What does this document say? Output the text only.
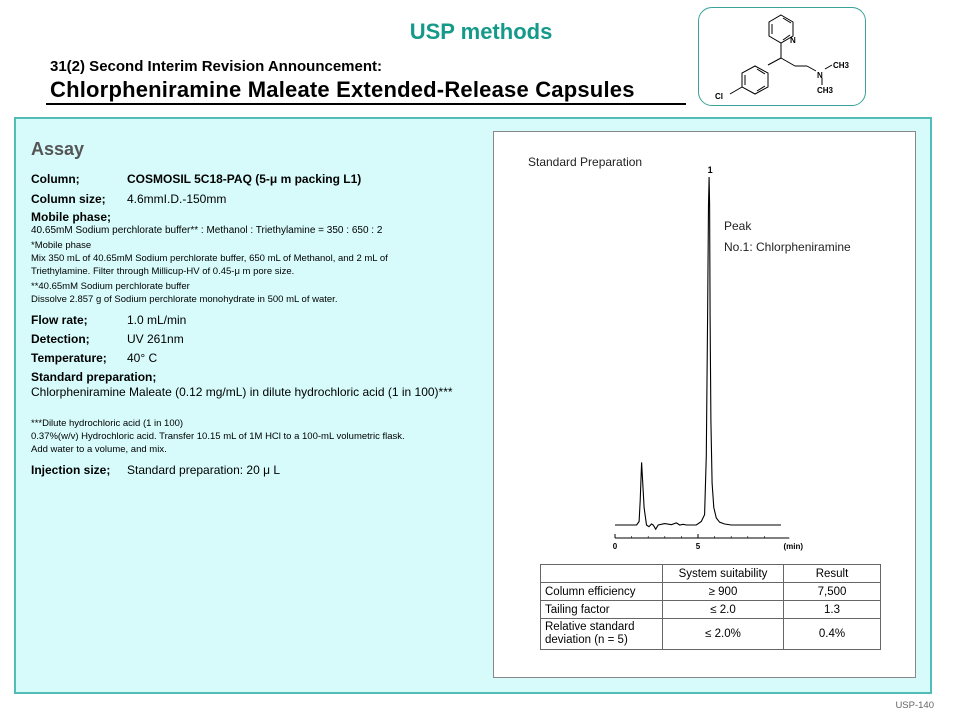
USP methods
31(2) Second Interim Revision Announcement:
Chlorpheniramine Maleate Extended-Release Capsules
N
N
CH3
CH3
Cl
Assay
Column;	COSMOSIL 5C18-PAQ (5-μ m packing L1)
Column size; 4.6mmI.D.-150mm
Mobile phase;
40.65mM Sodium perchlorate buffer** : Methanol : Triethylamine = 350 : 650 : 2
*Mobile phase
Mix 350 mL of 40.65mM Sodium perchlorate buffer, 650 mL of Methanol, and 2 mL of
Triethylamine. Filter through Millicup-HV of 0.45-μ m pore size.
**40.65mM Sodium perchlorate buffer
Dissolve 2.857 g of Sodium perchlorate monohydrate in 500 mL of water.
Flow rate;	1.0 mL/min
Detection;	UV 261nm
Temperature; 40° C
Standard preparation;
Chlorpheniramine Maleate (0.12 mg/mL) in dilute hydrochloric acid (1 in 100)***
***Dilute hydrochloric acid (1 in 100)
0.37%(w/v) Hydrochloric acid. Transfer 10.15 mL of 1M HCl to a 100-mL volumetric flask.
Add water to a volume, and mix.
Injection size; Standard preparation: 20 μ L
Standard Preparation
Peak
No.1: Chlorpheniramine
0	5	(min)
1
	System suitability	Result
Column efficiency	≥ 900	7,500
Tailing factor	≤ 2.0	1.3
Relative standard deviation (n = 5)	≤ 2.0%	0.4%
USP-140
